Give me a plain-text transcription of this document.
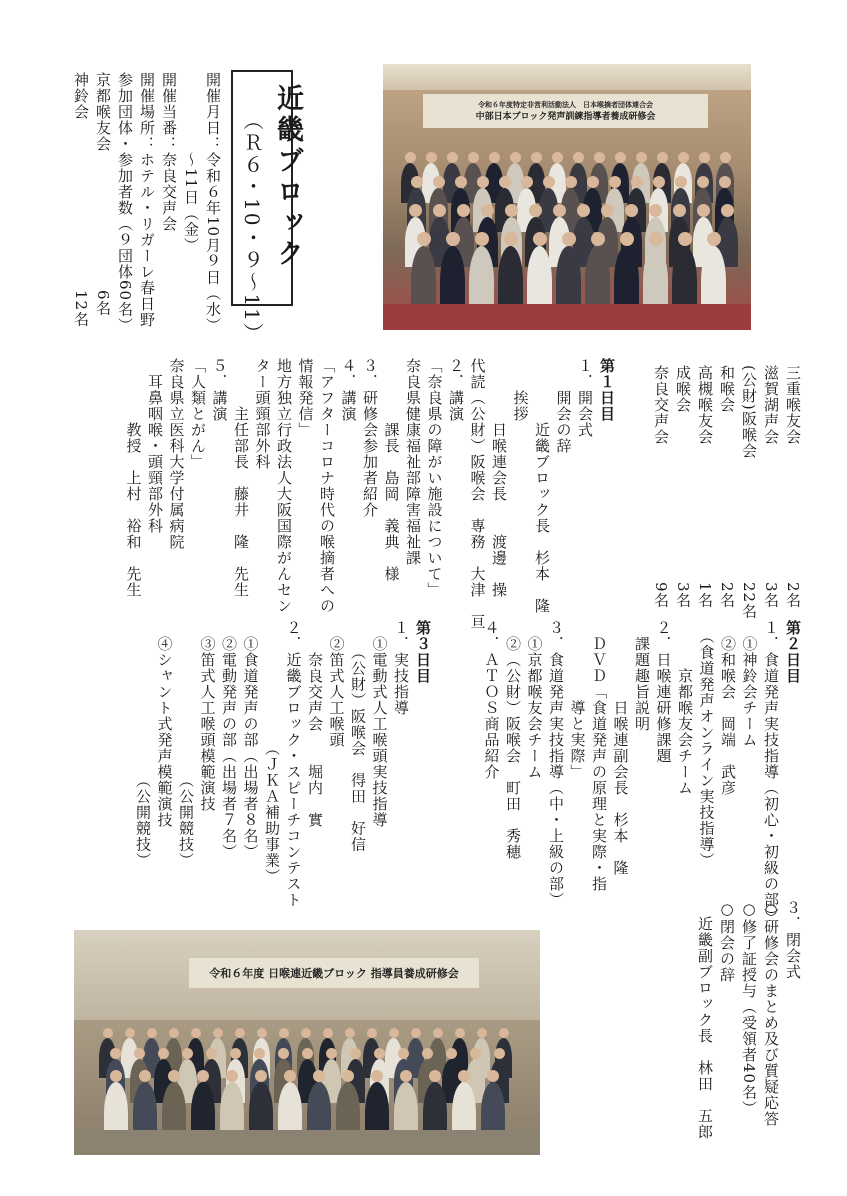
近畿ブロック
（Ｒ６・10・９〜11）
開催月日：令和６年10月９日（水）
　　　　　〜11日（金）
開催当番：奈良交声会
開催場所：ホテル・リガーレ春日野
参加団体・参加者数（９団体60名）
京都喉友会
6名
神鈴会
12名
三重喉友会
滋賀湖声会
(公財)阪喉会
和喉会
高槻喉友会
成喉会
奈良交声会
2名
3名
22名
2名
1名
3名
9名
第１日目
１．開会式
　　開会の辞
　　　　近畿ブロック長　杉本　隆
　　挨拶
　　　　日喉連会長　　渡邊　操
代読（公財）阪喉会　専務　大津　亘
２．講演
「奈良県の障がい施設について」
奈良県健康福祉部障害福祉課
　　　　課長　島岡　義典　様
３．研修会参加者紹介
４．講演
「アフターコロナ時代の喉摘者への
情報発信」
地方独立行政法人大阪国際がんセン
ター頭頸部外科
　　　主任部長　藤井　隆　先生
５．講演
「人類とがん」
奈良県立医科大学付属病院
　耳鼻咽喉・頭頸部外科
　　　　教授　上村　裕和　先生
第２日目
１．食道発声実技指導（初心・初級の部）
　①神鈴会チーム
　②和喉会　岡端　武彦
　（食道発声オンライン実技指導）
　　　京都喉友会チーム
２．日喉連研修課題
　課題趣旨説明
　　　　　日喉連副会長　杉本　隆
　ＤＶＤ「食道発声の原理と実際・指
　　　　　導と実際」
３．食道発声実技指導（中・上級の部）
　①京都喉友会チーム
　②（公財）阪喉会　町田　秀穂
４．ＡＴＯＳ商品紹介
第３日目
１．実技指導
　①電動式人工喉頭実技指導
　　（公財）阪喉会　得田　好信
　②笛式人工喉頭
　　奈良交声会　　堀内　實
２．近畿ブロック・スピーチコンテスト
　　　　　　　　（ＪＫＡ補助事業）
　①食道発声の部（出場者８名）
　②電動発声の部（出場者７名）
　③笛式人工喉頭模範演技
　　　　　　　　　　（公開競技）
　④シャント式発声模範演技
　　　　　　　　　　（公開競技）
３．閉会式
○研修会のまとめ及び質疑応答
○修了証授与（受領者40名）
○閉会の辞
　近畿副ブロック長　林田　五郎
令和６年度特定非営利活動法人　日本喉摘者団体連合会
中部日本ブロック発声訓練指導者養成研修会
令和６年度 日喉連近畿ブロック 指導員養成研修会
